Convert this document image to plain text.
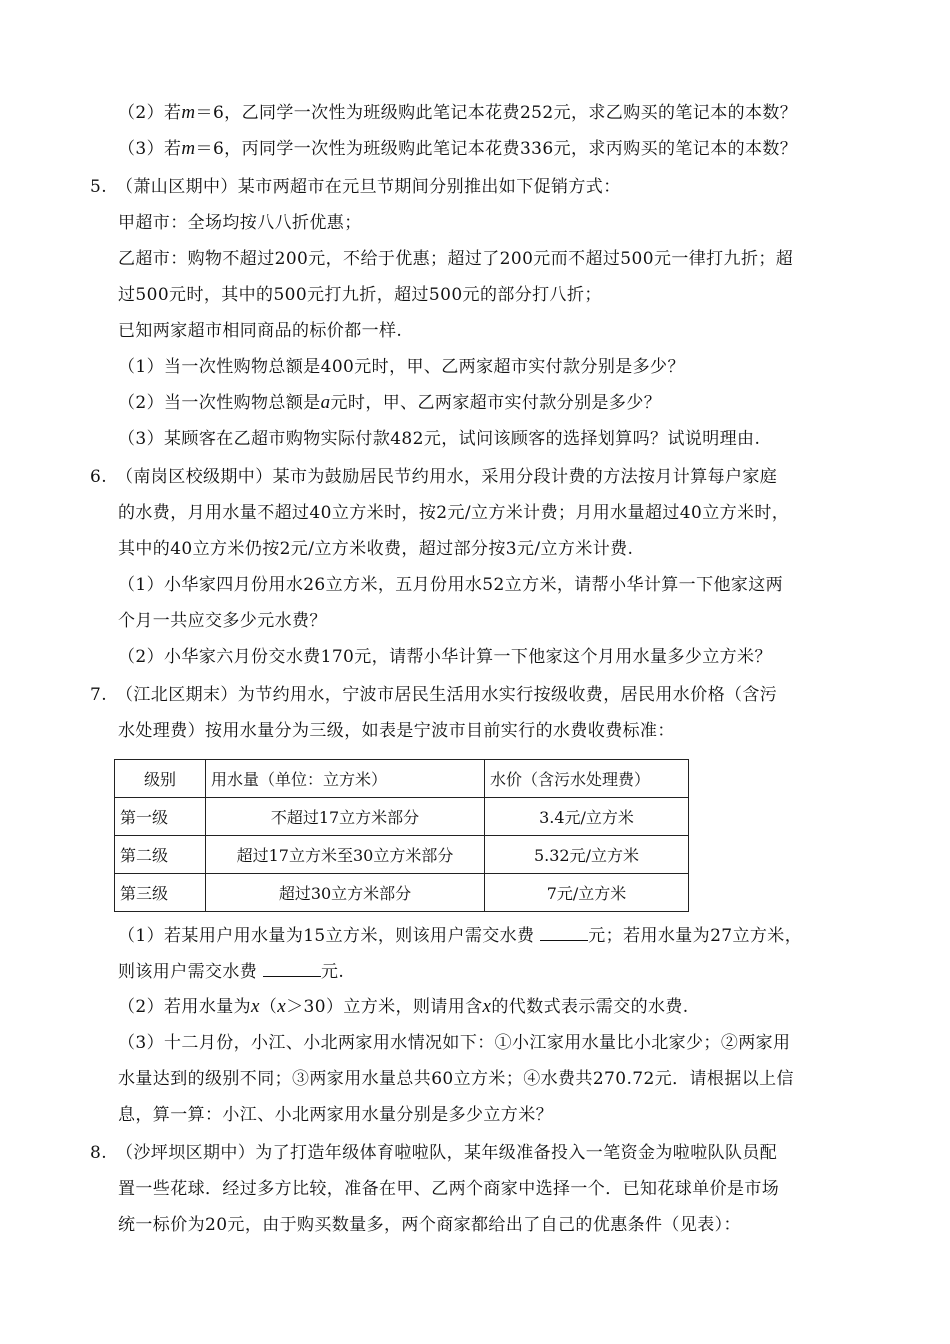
（2）若m＝6，乙同学一次性为班级购此笔记本花费252元，求乙购买的笔记本的本数？
（3）若m＝6，丙同学一次性为班级购此笔记本花费336元，求丙购买的笔记本的本数？
5. （萧山区期中）某市两超市在元旦节期间分别推出如下促销方式：
甲超市：全场均按八八折优惠；
乙超市：购物不超过200元，不给于优惠；超过了200元而不超过500元一律打九折；超
过500元时，其中的500元打九折，超过500元的部分打八折；
已知两家超市相同商品的标价都一样.
（1）当一次性购物总额是400元时，甲、乙两家超市实付款分别是多少？
（2）当一次性购物总额是a元时，甲、乙两家超市实付款分别是多少？
（3）某顾客在乙超市购物实际付款482元，试问该顾客的选择划算吗？试说明理由.
6. （南岗区校级期中）某市为鼓励居民节约用水，采用分段计费的方法按月计算每户家庭
的水费，月用水量不超过40立方米时，按2元/立方米计费；月用水量超过40立方米时，
其中的40立方米仍按2元/立方米收费，超过部分按3元/立方米计费.
（1）小华家四月份用水26立方米，五月份用水52立方米，请帮小华计算一下他家这两
个月一共应交多少元水费？
（2）小华家六月份交水费170元，请帮小华计算一下他家这个月用水量多少立方米？
7. （江北区期末）为节约用水，宁波市居民生活用水实行按级收费，居民用水价格（含污
水处理费）按用水量分为三级，如表是宁波市目前实行的水费收费标准：
级别	用水量（单位：立方米）	水价（含污水处理费）
第一级	不超过17立方米部分	3.4元/立方米
第二级	超过17立方米至30立方米部分	5.32元/立方米
第三级	超过30立方米部分	7元/立方米
（1）若某用户用水量为15立方米，则该用户需交水费	元；若用水量为27立方米，
则该用户需交水费	元.
（2）若用水量为x（x＞30）立方米，则请用含x的代数式表示需交的水费.
（3）十二月份，小江、小北两家用水情况如下：①小江家用水量比小北家少；②两家用
水量达到的级别不同；③两家用水量总共60立方米；④水费共270.72元．请根据以上信
息，算一算：小江、小北两家用水量分别是多少立方米？
8. （沙坪坝区期中）为了打造年级体育啦啦队，某年级准备投入一笔资金为啦啦队队员配
置一些花球．经过多方比较，准备在甲、乙两个商家中选择一个．已知花球单价是市场
统一标价为20元，由于购买数量多，两个商家都给出了自己的优惠条件（见表）：
